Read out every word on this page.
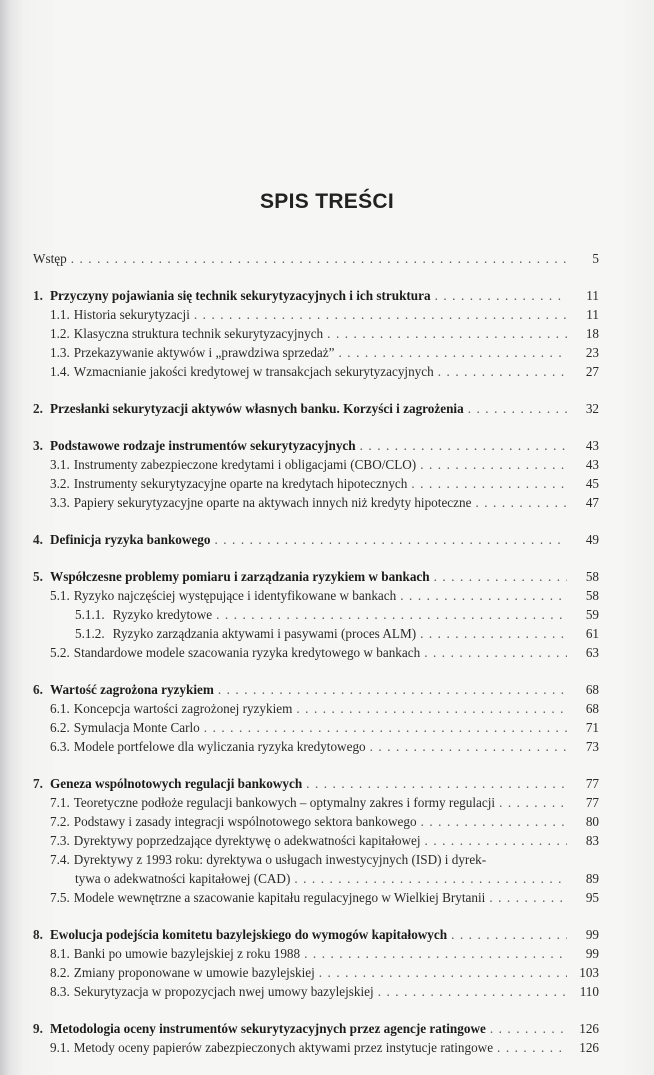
SPIS TREŚCI
Wstęp . . .	5
1. Przyczyny pojawiania się technik sekurytyzacyjnych i ich struktura . . .	11
1.1. Historia sekurytyzacji . . .	11
1.2. Klasyczna struktura technik sekurytyzacyjnych . . .	18
1.3. Przekazywanie aktywów i „prawdziwa sprzedaż” . . .	23
1.4. Wzmacnianie jakości kredytowej w transakcjach sekurytyzacyjnych . . .	27
2. Przesłanki sekurytyzacji aktywów własnych banku. Korzyści i zagrożenia . . .	32
3. Podstawowe rodzaje instrumentów sekurytyzacyjnych . . .	43
3.1. Instrumenty zabezpieczone kredytami i obligacjami (CBO/CLO) . . .	43
3.2. Instrumenty sekurytyzacyjne oparte na kredytach hipotecznych . . .	45
3.3. Papiery sekurytyzacyjne oparte na aktywach innych niż kredyty hipoteczne . . .	47
4. Definicja ryzyka bankowego . . .	49
5. Współczesne problemy pomiaru i zarządzania ryzykiem w bankach . . .	58
5.1. Ryzyko najczęściej występujące i identyfikowane w bankach . . .	58
5.1.1. Ryzyko kredytowe . . .	59
5.1.2. Ryzyko zarządzania aktywami i pasywami (proces ALM) . . .	61
5.2. Standardowe modele szacowania ryzyka kredytowego w bankach . . .	63
6. Wartość zagrożona ryzykiem . . .	68
6.1. Koncepcja wartości zagrożonej ryzykiem . . .	68
6.2. Symulacja Monte Carlo . . .	71
6.3. Modele portfelowe dla wyliczania ryzyka kredytowego . . .	73
7. Geneza wspólnotowych regulacji bankowych . . .	77
7.1. Teoretyczne podłoże regulacji bankowych – optymalny zakres i formy regulacji . . .	77
7.2. Podstawy i zasady integracji wspólnotowego sektora bankowego . . .	80
7.3. Dyrektywy poprzedzające dyrektywę o adekwatności kapitałowej . . .	83
7.4. Dyrektywy z 1993 roku: dyrektywa o usługach inwestycyjnych (ISD) i dyrek-
tywa o adekwatności kapitałowej (CAD) . . .	89
7.5. Modele wewnętrzne a szacowanie kapitału regulacyjnego w Wielkiej Brytanii . . .	95
8. Ewolucja podejścia komitetu bazylejskiego do wymogów kapitałowych . . .	99
8.1. Banki po umowie bazylejskiej z roku 1988 . . .	99
8.2. Zmiany proponowane w umowie bazylejskiej . . .	103
8.3. Sekurytyzacja w propozycjach nwej umowy bazylejskiej . . .	110
9. Metodologia oceny instrumentów sekurytyzacyjnych przez agencje ratingowe . . .	126
9.1. Metody oceny papierów zabezpieczonych aktywami przez instytucje ratingowe . . .	126
